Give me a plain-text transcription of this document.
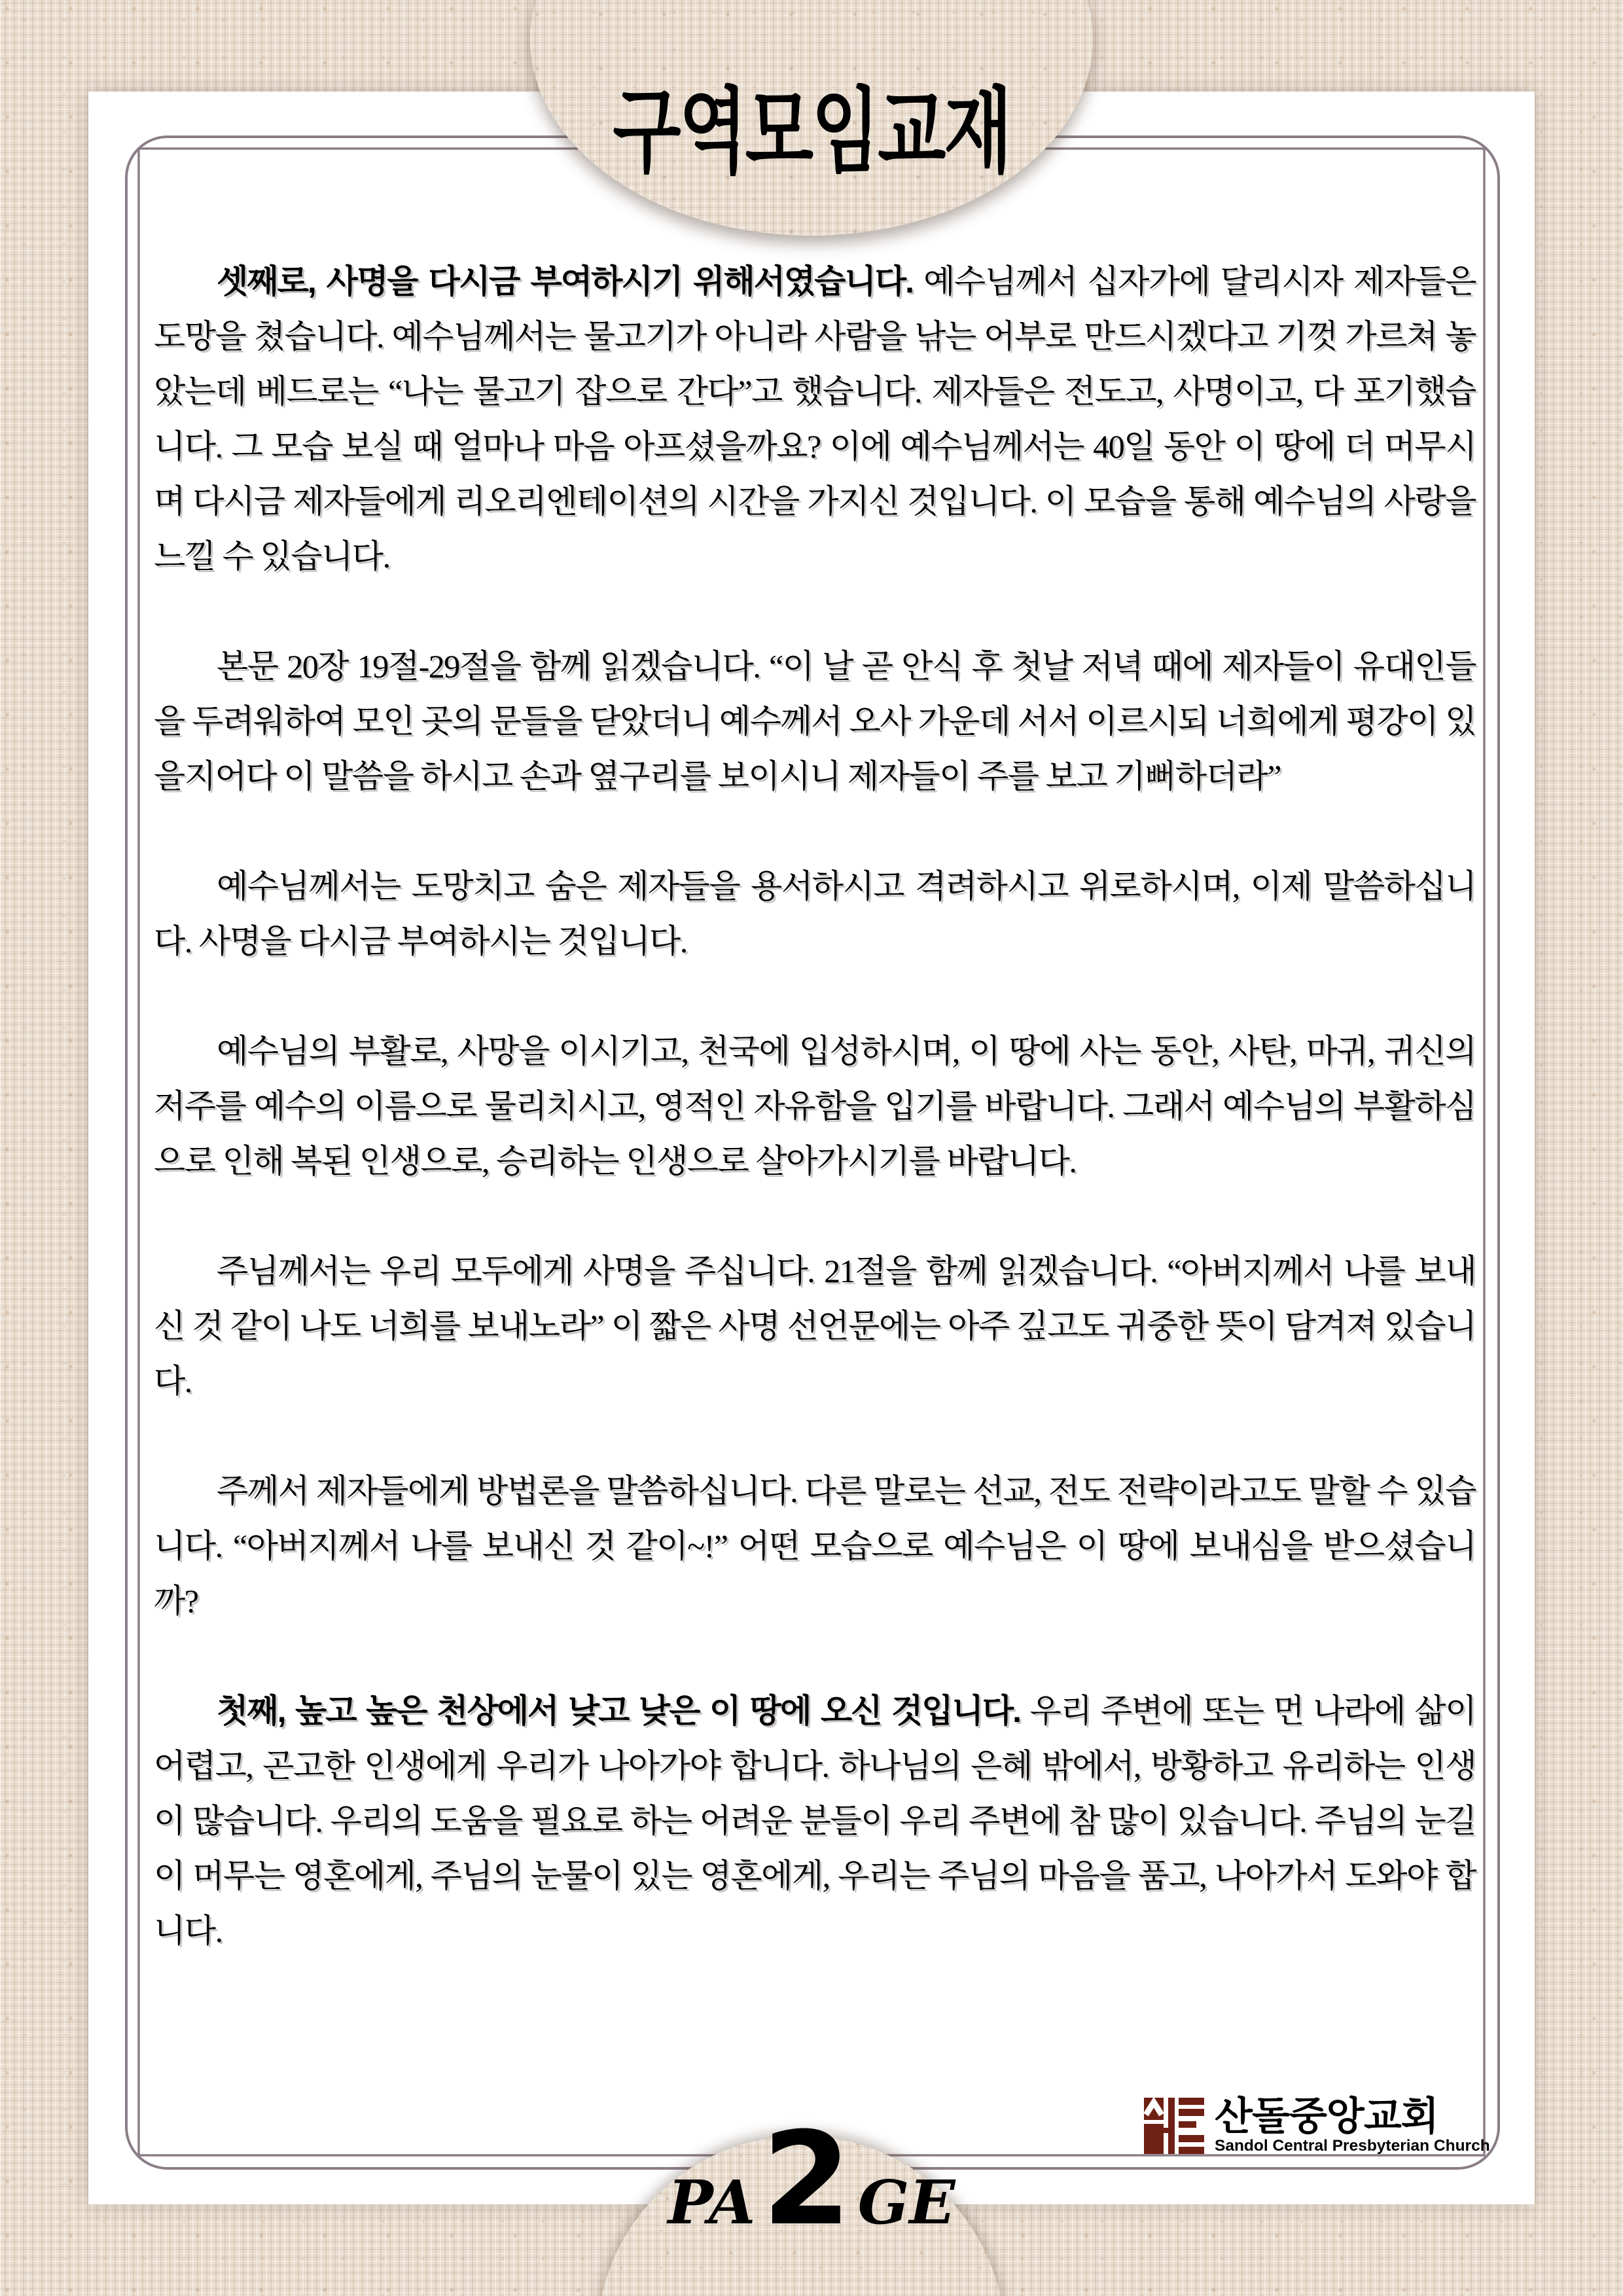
구역모임교재

셋째로, 사명을 다시금 부여하시기 위해서였습니다. 예수님께서 십자가에 달리시자 제자들은 도망을 쳤습니다. 예수님께서는 물고기가 아니라 사람을 낚는 어부로 만드시겠다고 기껏 가르쳐 놓았는데 베드로는 “나는 물고기 잡으로 간다”고 했습니다. 제자들은 전도고, 사명이고, 다 포기했습니다. 그 모습 보실 때 얼마나 마음 아프셨을까요? 이에 예수님께서는 40일 동안 이 땅에 더 머무시며 다시금 제자들에게 리오리엔테이션의 시간을 가지신 것입니다. 이 모습을 통해 예수님의 사랑을 느낄 수 있습니다.

본문 20장 19절-29절을 함께 읽겠습니다. “이 날 곧 안식 후 첫날 저녁 때에 제자들이 유대인들을 두려워하여 모인 곳의 문들을 닫았더니 예수께서 오사 가운데 서서 이르시되 너희에게 평강이 있을지어다 이 말씀을 하시고 손과 옆구리를 보이시니 제자들이 주를 보고 기뻐하더라”

예수님께서는 도망치고 숨은 제자들을 용서하시고 격려하시고 위로하시며, 이제 말씀하십니다. 사명을 다시금 부여하시는 것입니다.

예수님의 부활로, 사망을 이시기고, 천국에 입성하시며, 이 땅에 사는 동안, 사탄, 마귀, 귀신의 저주를 예수의 이름으로 물리치시고, 영적인 자유함을 입기를 바랍니다. 그래서 예수님의 부활하심으로 인해 복된 인생으로, 승리하는 인생으로 살아가시기를 바랍니다.

주님께서는 우리 모두에게 사명을 주십니다. 21절을 함께 읽겠습니다. “아버지께서 나를 보내신 것 같이 나도 너희를 보내노라” 이 짧은 사명 선언문에는 아주 깊고도 귀중한 뜻이 담겨져 있습니다.

주께서 제자들에게 방법론을 말씀하십니다. 다른 말로는 선교, 전도 전략이라고도 말할 수 있습니다. “아버지께서 나를 보내신 것 같이~!” 어떤 모습으로 예수님은 이 땅에 보내심을 받으셨습니까?

첫째, 높고 높은 천상에서 낮고 낮은 이 땅에 오신 것입니다. 우리 주변에 또는 먼 나라에 삶이 어렵고, 곤고한 인생에게 우리가 나아가야 합니다. 하나님의 은혜 밖에서, 방황하고 유리하는 인생이 많습니다. 우리의 도움을 필요로 하는 어려운 분들이 우리 주변에 참 많이 있습니다. 주님의 눈길이 머무는 영혼에게, 주님의 눈물이 있는 영혼에게, 우리는 주님의 마음을 품고, 나아가서 도와야 합니다.

산돌중앙교회
Sandol Central Presbyterian Church
PA 2 GE
